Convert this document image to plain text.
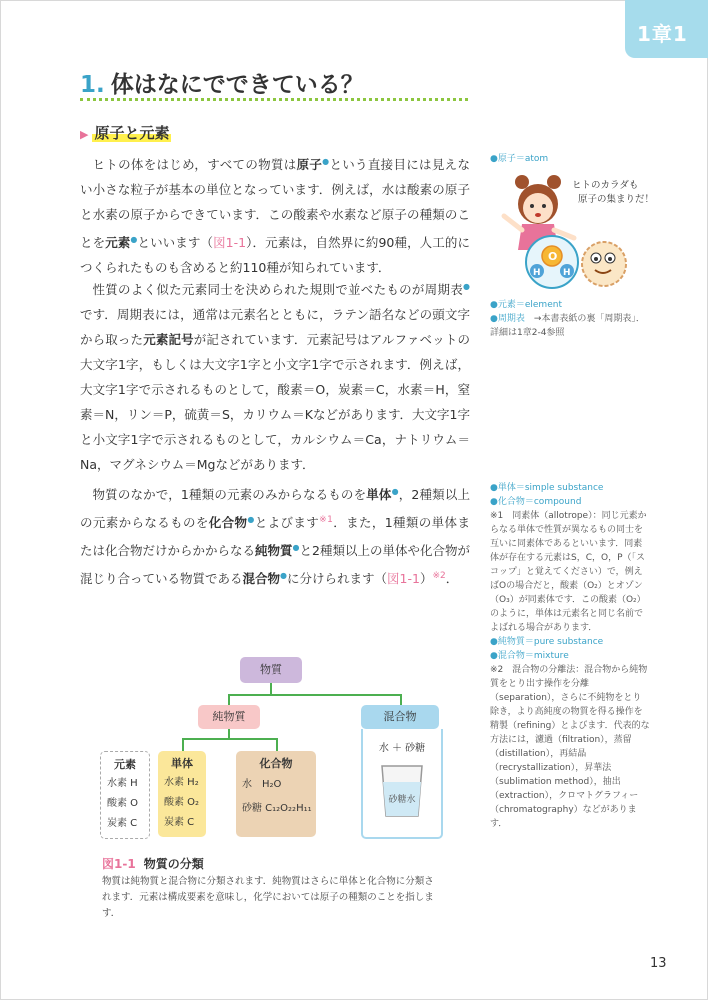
1章1
1. 体はなにでできている？
▶ 原子と元素

ヒトの体をはじめ，すべての物質は原子●という直接目には見えない小さな粒子が基本の単位となっています．例えば，水は酸素の原子と水素の原子からできています．この酸素や水素など原子の種類のことを元素●といいます（図1-1）．元素は，自然界に約90種，人工的につくられたものも含めると約110種が知られています．

性質のよく似た元素同士を決められた規則で並べたものが周期表●です．周期表には，通常は元素名とともに，ラテン語名などの頭文字から取った元素記号が記されています．元素記号はアルファベットの大文字1字，もしくは大文字1字と小文字1字で示されます．例えば，大文字1字で示されるものとして，酸素＝O，炭素＝C，水素＝H，窒素＝N，リン＝P，硫黄＝S，カリウム＝Kなどがあります．大文字1字と小文字1字で示されるものとして，カルシウム＝Ca，ナトリウム＝Na，マグネシウム＝Mgなどがあります．

物質のなかで，1種類の元素のみからなるものを単体●，2種類以上の元素からなるものを化合物●とよびます$^{※1}$．また，1種類の単体または化合物だけからかからなる純物質●と2種類以上の単体や化合物が混じり合っている物質である混合物●に分けられます（図1-1）$^{※2}$．

●原子＝atom
O
H H
ヒトのカラダも原子の集まりだ！
●元素＝element
●周期表　 →本書表紙の裏「周期表」．詳細は1章2-4参照
●単体＝simple substance
●化合物＝compound
※1　同素体（allotrope）：同じ元素からなる単体で性質が異なるもの同士を互いに同素体であるといいます．同素体が存在する元素はS，C，O，P（「スコップ」と覚えてください）で，例えばOの場合だと，酸素（O₂）とオゾン（O₃）が同素体です．この酸素（O₂）のように，単体は元素名と同じ名前でよばれる場合があります．
●純物質＝pure substance
●混合物＝mixture
※2　混合物の分離法：混合物から純物質をとり出す操作を分離（separation），さらに不純物をとり除き，より高純度の物質を得る操作を精製（refining）とよびます．代表的な方法には，濾過（filtration），蒸留（distillation），再結晶（recrystallization），昇華法（sublimation method），抽出（extraction），クロマトグラフィー（chromatography）などがあります．
物質
純物質	混合物
元素
水素 H
酸素 O
炭素 C
単体
水素 H₂
酸素 O₂
炭素 C
化合物
水　H₂O
砂糖 C₁₂O₂₂H₁₁
水 ＋ 砂糖
砂糖水
図1-1 物質の分類
物質は純物質と混合物に分類されます．純物質はさらに単体と化合物に分類されます．元素は構成要素を意味し，化学においては原子の種類のことを指します．
13
